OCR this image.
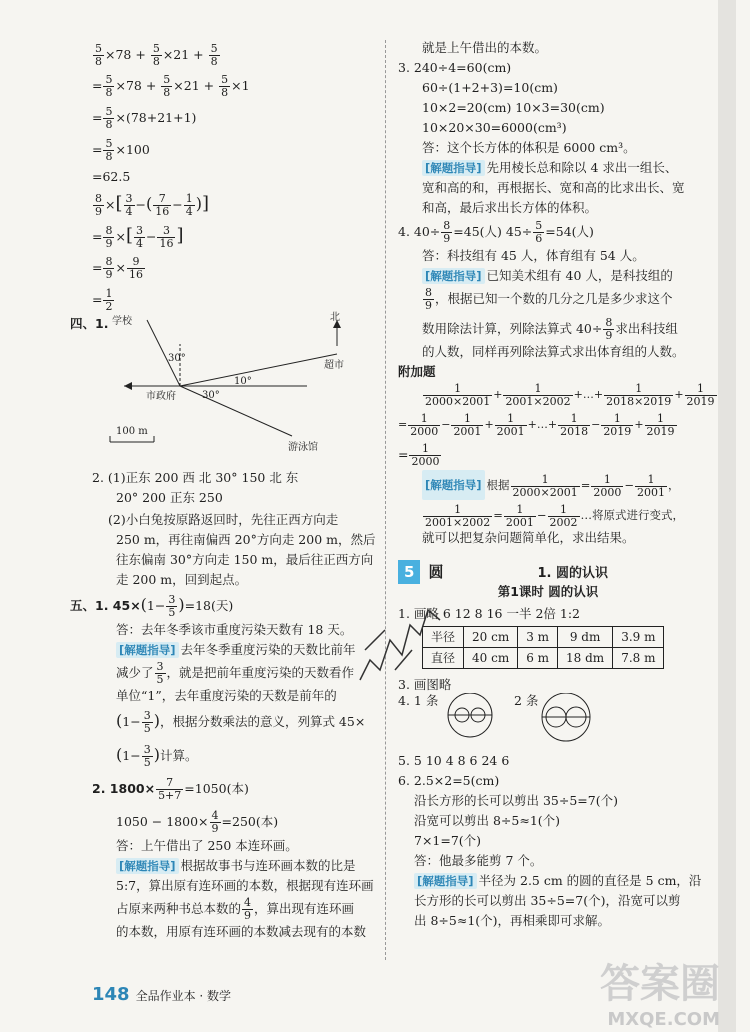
$\frac{5}{8} \times 78 + \frac{5}{8} \times 21 + \frac{5}{8}$
= $\frac{5}{8} \times 78 + \frac{5}{8} \times 21 + \frac{5}{8} \times 1$
= $\frac{5}{8} \times(78+21+1)$
= $\frac{5}{8} \times 100$
=62.5
$\frac{8}{9}$ ×[ $\frac{3}{4}$ −( $\frac{7}{16} - \frac{1}{4}$ )]
= $\frac{8}{9}$ ×[ $\frac{3}{4} - \frac{3}{16}$ ]
= $\frac{8}{9} \times \frac{9}{16}$
= $\frac{1}{2}$
四、1. 学校	北
超市
市政府
游泳馆
30°
10°
30°
100 m
2. (1)正东 200 西 北 30° 150 北 东
20° 200 正东 250
(2)小白兔按原路返回时，先往正西方向走
250 m，再往南偏西 20°方向走 200 m，然后
往东偏南 30°方向走 150 m，最后往正西方向
走 200 m，回到起点。
五、1. $45\times(1- \frac{3}{5} )=18$(天)
答：去年冬季该市重度污染天数有 18 天。
[解题指导] 去年冬季重度污染的天数比前年
减少了 $\frac{3}{5}$ ，就是把前年重度污染的天数看作
单位“1”，去年重度污染的天数是前年的
($1- \frac{3}{5}$ )，根据分数乘法的意义，列算式 45×
($1- \frac{3}{5}$ )计算。
2. $1800\times \frac{7}{5+7} =1050$(本)
$1050 - 1800\times \frac{4}{9} =250$(本)
答：上午借出了 250 本连环画。
[解题指导] 根据故事书与连环画本数的比是
5:7，算出原有连环画的本数，根据现有连环画
占原来两种书总本数的 $\frac{4}{9}$ ，算出现有连环画
的本数，用原有连环画的本数减去现有的本数
就是上午借出的本数。
3. 240÷4=60(cm)
60÷(1+2+3)=10(cm)
10×2=20(cm) 10×3=30(cm)
10×20×30=6000(cm³)
答：这个长方体的体积是 6000 cm³。
[解题指导] 先用棱长总和除以 4 求出一组长、
宽和高的和，再根据长、宽和高的比求出长、宽
和高，最后求出长方体的体积。
4. $40\div \frac{8}{9} =45$(人) $45\div \frac{5}{6} =54$(人)
答：科技组有 45 人，体育组有 54 人。
[解题指导] 已知美术组有 40 人，是科技组的
$\frac{8}{9}$ ，根据已知一个数的几分之几是多少求这个
数用除法计算，列除法算式 $40\div \frac{8}{9}$ 求出科技组
的人数，同样再列除法算式求出体育组的人数。
附加题
$\frac{1}{2000\times 2001} + \frac{1}{2001\times 2002}$ +…+ $\frac{1}{2018\times 2019} + \frac{1}{2019}$
= $\frac{1}{2000} - \frac{1}{2001} + \frac{1}{2001}$ +…+ $\frac{1}{2018} - \frac{1}{2019} + \frac{1}{2019}$
= $\frac{1}{2000}$
[解题指导] 根据 $\frac{1}{2000\times 2001} = \frac{1}{2000} - \frac{1}{2001}$ ，
$\frac{1}{2001\times 2002} = \frac{1}{2001} - \frac{1}{2002}$ …将原式进行变式，
就可以把复杂问题简单化，求出结果。
5 圆	1. 圆的认识
第1课时 圆的认识
1. 画略 6 12 8 16 一半 2倍 1:2
半径	20 cm	3 m	9 dm	3.9 m
直径	40 cm	6 m	18 dm	7.8 m
3. 画图略
4. 1 条	2 条
5. 5 10 4 8 6 24 6
6. 2.5×2=5(cm)
沿长方形的长可以剪出 35÷5=7(个)
沿宽可以剪出 8÷5≈1(个)
7×1=7(个)
答：他最多能剪 7 个。
[解题指导] 半径为 2.5 cm 的圆的直径是 5 cm，沿
长方形的长可以剪出 35÷5=7(个)，沿宽可以剪
出 8÷5≈1(个)，再相乘即可求解。
148 全品作业本 · 数学	答案圈
MXQE.COM
